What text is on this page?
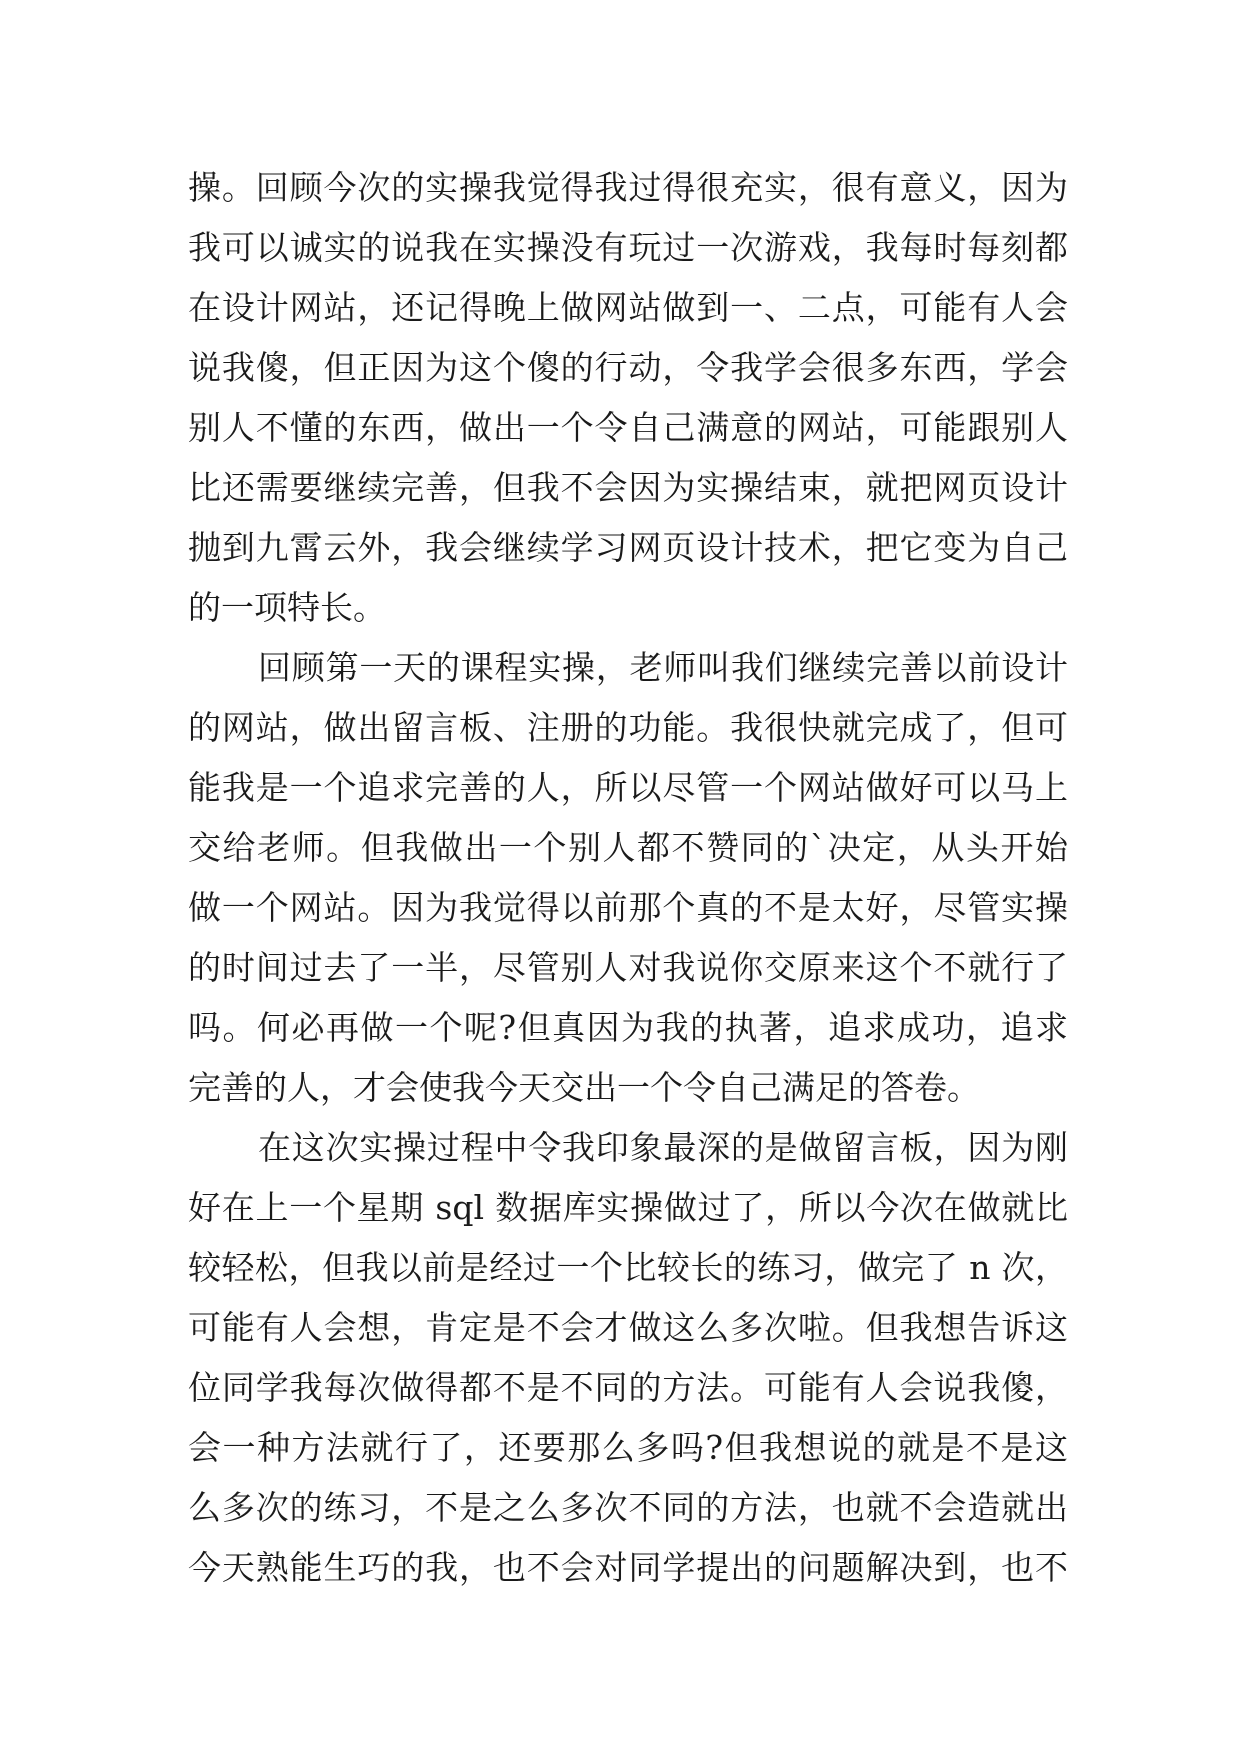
操。回顾今次的实操我觉得我过得很充实，很有意义，因为
我可以诚实的说我在实操没有玩过一次游戏，我每时每刻都
在设计网站，还记得晚上做网站做到一、二点，可能有人会
说我傻，但正因为这个傻的行动，令我学会很多东西，学会
别人不懂的东西，做出一个令自己满意的网站，可能跟别人
比还需要继续完善，但我不会因为实操结束，就把网页设计
抛到九霄云外，我会继续学习网页设计技术，把它变为自己
的一项特长。
回顾第一天的课程实操，老师叫我们继续完善以前设计
的网站，做出留言板、注册的功能。我很快就完成了，但可
能我是一个追求完善的人，所以尽管一个网站做好可以马上
交给老师。但我做出一个别人都不赞同的`决定，从头开始
做一个网站。因为我觉得以前那个真的不是太好，尽管实操
的时间过去了一半，尽管别人对我说你交原来这个不就行了
吗。何必再做一个呢?但真因为我的执著，追求成功，追求
完善的人，才会使我今天交出一个令自己满足的答卷。
在这次实操过程中令我印象最深的是做留言板，因为刚
好在上一个星期 sql 数据库实操做过了，所以今次在做就比
较轻松，但我以前是经过一个比较长的练习，做完了 n 次，
可能有人会想，肯定是不会才做这么多次啦。但我想告诉这
位同学我每次做得都不是不同的方法。可能有人会说我傻，
会一种方法就行了，还要那么多吗?但我想说的就是不是这
么多次的练习，不是之么多次不同的方法，也就不会造就出
今天熟能生巧的我，也不会对同学提出的问题解决到，也不
